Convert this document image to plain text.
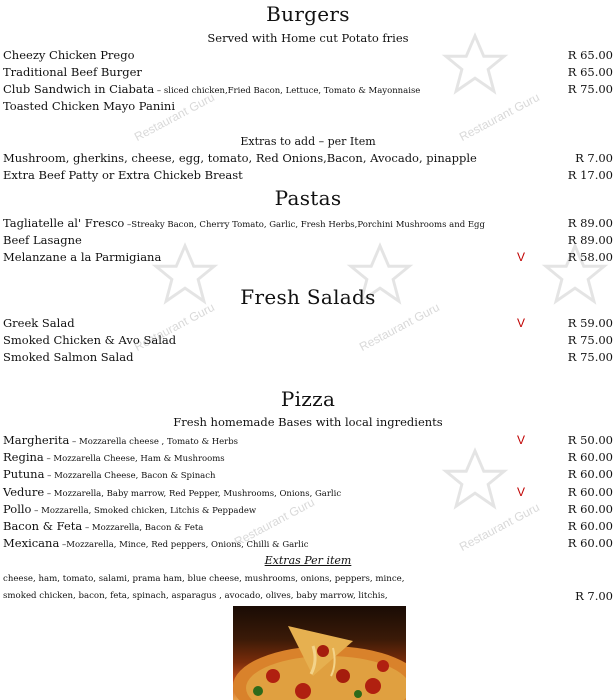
Restaurant Guru	Restaurant Guru
Restaurant Guru	Restaurant Guru
Restaurant Guru
Restaurant Guru
Burgers
Served with Home cut Potato fries
Cheezy Chicken Prego	R 65.00
Traditional Beef Burger	R 65.00
Club Sandwich in Ciabata – sliced chicken,Fried Bacon, Lettuce, Tomato & Mayonnaise	R 75.00
Toasted Chicken Mayo Panini
Extras to add – per Item
Mushroom, gherkins, cheese, egg, tomato, Red Onions,Bacon, Avocado, pinapple	R 7.00
Extra Beef Patty or Extra Chickeb Breast	R 17.00
Pastas
Tagliatelle al' Fresco –Streaky Bacon, Cherry Tomato, Garlic, Fresh Herbs,Porchini Mushrooms and Egg	R 89.00
Beef Lasagne	R 89.00
Melanzane a la Parmigiana	V	R 58.00
Fresh Salads
Greek Salad	V	R 59.00
Smoked Chicken & Avo Salad	R 75.00
Smoked Salmon Salad	R 75.00
Pizza
Fresh homemade Bases with local ingredients
Margherita – Mozzarella cheese , Tomato & Herbs	V	R 50.00
Regina – Mozzarella Cheese, Ham & Mushrooms	R 60.00
Putuna – Mozzarella Cheese, Bacon & Spinach	R 60.00
Vedure – Mozzarella, Baby marrow, Red Pepper, Mushrooms, Onions, Garlic	V	R 60.00
Pollo – Mozzarella, Smoked chicken, Litchis & Peppadew	R 60.00
Bacon & Feta – Mozzarella, Bacon & Feta	R 60.00
Mexicana –Mozzarella, Mince, Red peppers, Onions, Chilli & Garlic	R 60.00
Extras Per item
cheese, ham, tomato, salami, prama ham, blue cheese, mushrooms, onions, peppers, mince,
smoked chicken, bacon, feta, spinach, asparagus , avocado, olives, baby marrow, litchis,	R 7.00
